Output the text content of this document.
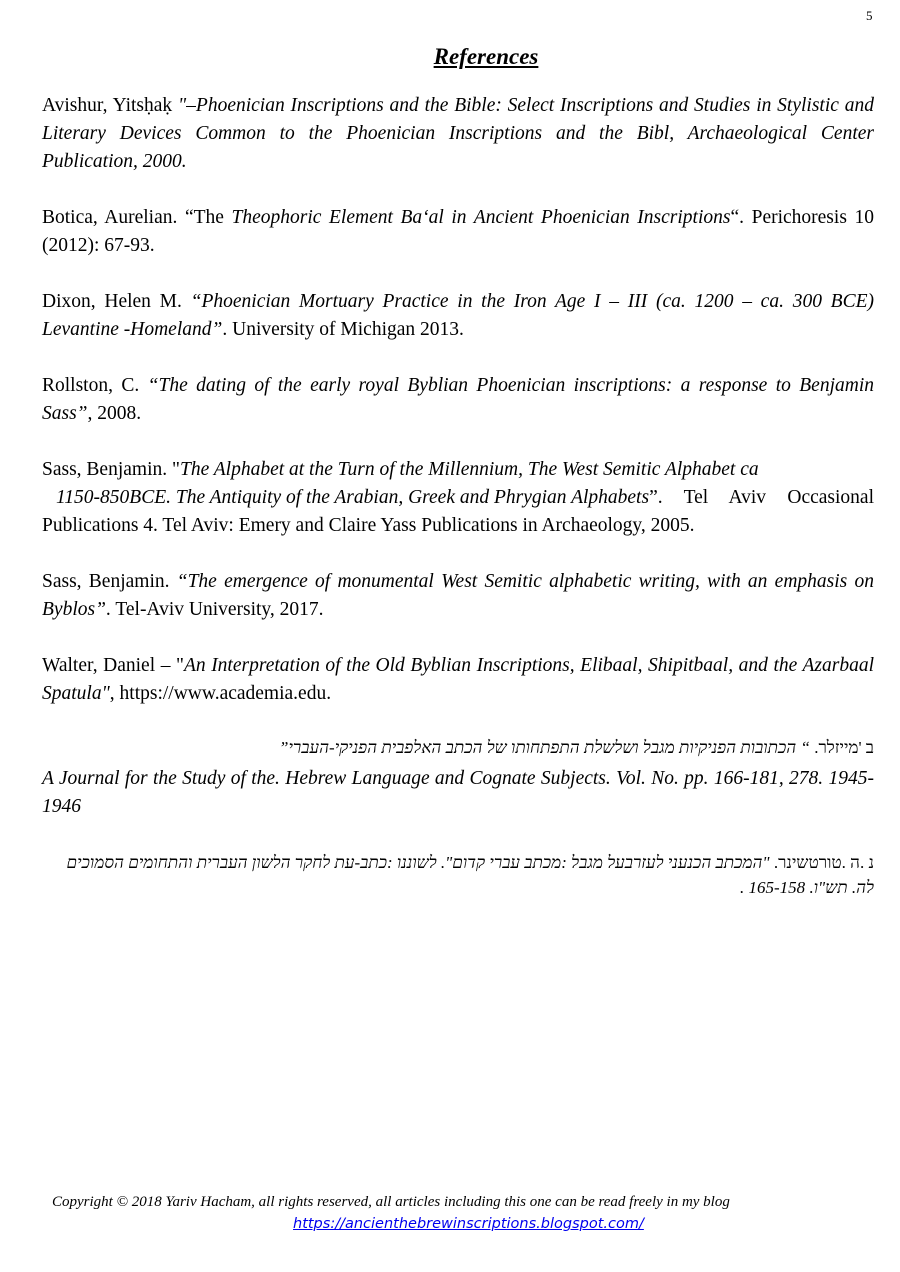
5
References

Avishur, Yitsḥaḳ "–Phoenician Inscriptions and the Bible: Select Inscriptions and Studies in Stylistic and Literary Devices Common to the Phoenician Inscriptions and the Bibl, Archaeological Center Publication, 2000.

Botica, Aurelian. “The Theophoric Element Ba‘al in Ancient Phoenician Inscriptions“. Perichoresis 10 (2012): 67-93.

Dixon, Helen M. “Phoenician Mortuary Practice in the Iron Age I – III (ca. 1200 – ca. 300 BCE) Levantine -Homeland”. University of Michigan 2013.

Rollston, C. “The dating of the early royal Byblian Phoenician inscriptions: a response to Benjamin Sass”, 2008.

Sass, Benjamin. "The Alphabet at the Turn of the Millennium, The West Semitic Alphabet ca
1150-850BCE. The Antiquity of the Arabian, Greek and Phrygian Alphabets”. Tel Aviv Occasional Publications 4. Tel Aviv: Emery and Claire Yass Publications in Archaeology, 2005.

Sass, Benjamin. “The emergence of monumental West Semitic alphabetic writing, with an emphasis on Byblos”. Tel-Aviv University, 2017.

Walter, Daniel – "An Interpretation of the Old Byblian Inscriptions, Elibaal, Shipitbaal, and the Azarbaal Spatula", https://www.academia.edu.

ב 'מייזלר. “ הכתובות הפניקיות מגבל ושלשלת התפתחותו של הכתב האלפבית הפניקי-העברי”

A Journal for the Study of the. Hebrew Language and Cognate Subjects. Vol. No. pp. 166-181, 278. 1945-1946

נ .ה .טורטשינר. "המכתב הכנעני לעזרבעל מגבל :מכתב עברי קדום". לשוננו :כתב-עת לחקר הלשון העברית והתחומים הסמוכים לה. תש"ו. 165-158 .

Copyright © 2018 Yariv Hacham, all rights reserved, all articles including this one can be read freely in my blog
https://ancienthebrewinscriptions.blogspot.com/
